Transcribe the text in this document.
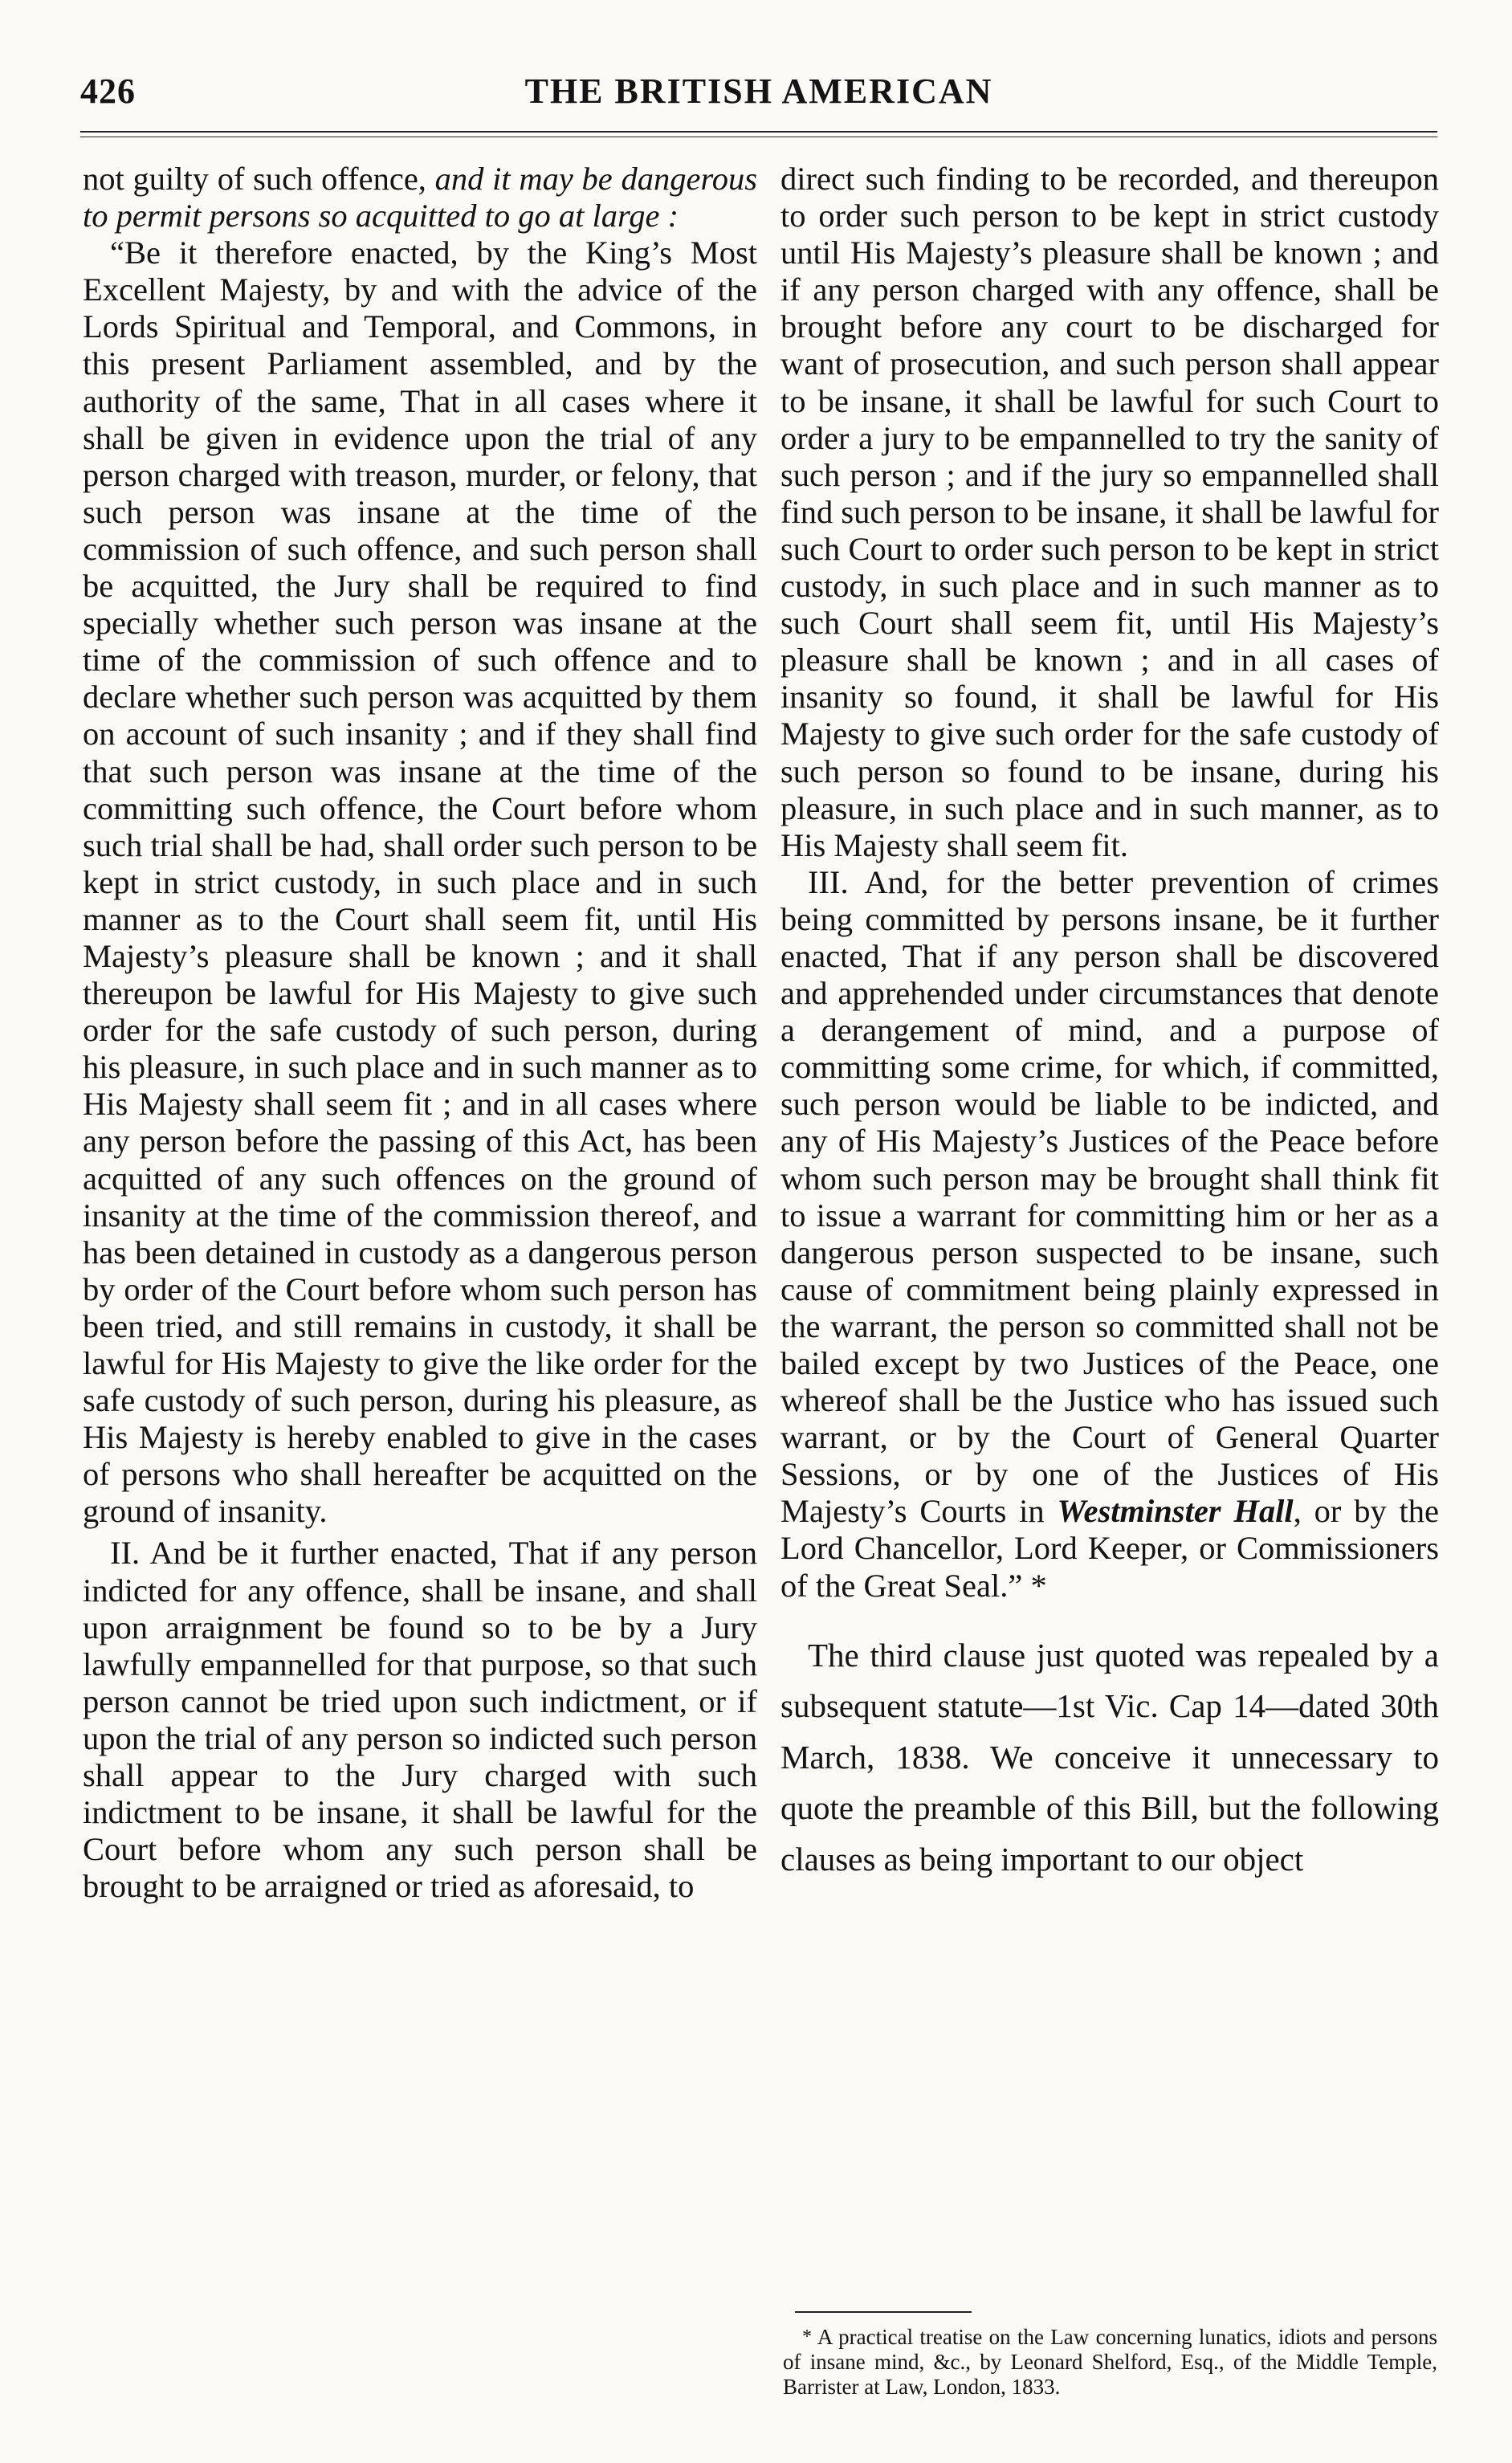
426	THE BRITISH AMERICAN

not guilty of such offence, and it may be dangerous to permit persons so acquitted to go at large :

“Be it therefore enacted, by the King’s Most Excellent Majesty, by and with the advice of the Lords Spiritual and Temporal, and Commons, in this present Parliament assembled, and by the authority of the same, That in all cases where it shall be given in evidence upon the trial of any person charged with treason, murder, or felony, that such person was insane at the time of the commission of such offence, and such person shall be acquitted, the Jury shall be required to find specially whether such person was insane at the time of the commission of such offence and to declare whether such person was acquitted by them on account of such insanity ; and if they shall find that such person was insane at the time of the committing such offence, the Court before whom such trial shall be had, shall order such person to be kept in strict custody, in such place and in such manner as to the Court shall seem fit, until His Majesty’s pleasure shall be known ; and it shall thereupon be lawful for His Majesty to give such order for the safe custody of such person, during his pleasure, in such place and in such manner as to His Majesty shall seem fit ; and in all cases where any person before the passing of this Act, has been acquitted of any such offences on the ground of insanity at the time of the commission thereof, and has been detained in custody as a dangerous person by order of the Court before whom such person has been tried, and still remains in custody, it shall be lawful for His Majesty to give the like order for the safe custody of such person, during his pleasure, as His Majesty is hereby enabled to give in the cases of persons who shall hereafter be acquitted on the ground of insanity.

II. And be it further enacted, That if any person indicted for any offence, shall be insane, and shall upon arraignment be found so to be by a Jury lawfully empannelled for that purpose, so that such person cannot be tried upon such indictment, or if upon the trial of any person so indicted such person shall appear to the Jury charged with such indictment to be insane, it shall be lawful for the Court before whom any such person shall be brought to be arraigned or tried as aforesaid, to

direct such finding to be recorded, and thereupon to order such person to be kept in strict custody until His Majesty’s pleasure shall be known ; and if any person charged with any offence, shall be brought before any court to be discharged for want of prosecution, and such person shall appear to be insane, it shall be lawful for such Court to order a jury to be empannelled to try the sanity of such person ; and if the jury so empannelled shall find such person to be insane, it shall be lawful for such Court to order such person to be kept in strict custody, in such place and in such manner as to such Court shall seem fit, until His Majesty’s pleasure shall be known ; and in all cases of insanity so found, it shall be lawful for His Majesty to give such order for the safe custody of such person so found to be insane, during his pleasure, in such place and in such manner, as to His Majesty shall seem fit.

III. And, for the better prevention of crimes being committed by persons insane, be it further enacted, That if any person shall be discovered and apprehended under circumstances that denote a derangement of mind, and a purpose of committing some crime, for which, if committed, such person would be liable to be indicted, and any of His Majesty’s Justices of the Peace before whom such person may be brought shall think fit to issue a warrant for committing him or her as a dangerous person suspected to be insane, such cause of commitment being plainly expressed in the warrant, the person so committed shall not be bailed except by two Justices of the Peace, one whereof shall be the Justice who has issued such warrant, or by the Court of General Quarter Sessions, or by one of the Justices of His Majesty’s Courts in Westminster Hall, or by the Lord Chancellor, Lord Keeper, or Commissioners of the Great Seal.” *

The third clause just quoted was repealed by a subsequent statute—1st Vic. Cap 14—dated 30th March, 1838. We conceive it unnecessary to quote the preamble of this Bill, but the following clauses as being important to our object

* A practical treatise on the Law concerning lunatics, idiots and persons of insane mind, &c., by Leonard Shelford, Esq., of the Middle Temple, Barrister at Law, London, 1833.
